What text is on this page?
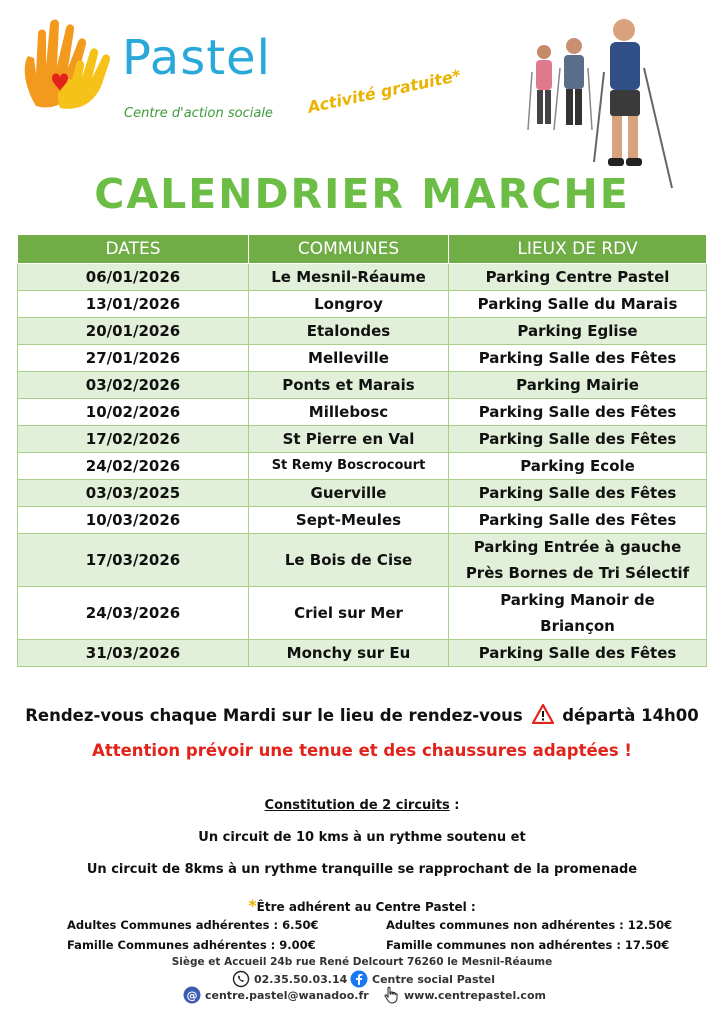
Pastel
Centre d'action sociale Activité gratuite*
CALENDRIER MARCHE
DATES	COMMUNES	LIEUX DE RDV
06/01/2026	Le Mesnil-Réaume	Parking Centre Pastel
13/01/2026	Longroy	Parking Salle du Marais
20/01/2026	Etalondes	Parking Eglise
27/01/2026	Melleville	Parking Salle des Fêtes
03/02/2026	Ponts et Marais	Parking Mairie
10/02/2026	Millebosc	Parking Salle des Fêtes
17/02/2026	St Pierre en Val	Parking Salle des Fêtes
24/02/2026	St Remy Boscrocourt	Parking Ecole
03/03/2025	Guerville	Parking Salle des Fêtes
10/03/2026	Sept-Meules	Parking Salle des Fêtes
17/03/2026	Le Bois de Cise	Parking Entrée à gauche
Près Bornes de Tri Sélectif
24/03/2026	Criel sur Mer	Parking Manoir de
Briançon
31/03/2026	Monchy sur Eu	Parking Salle des Fêtes
Rendez-vous chaque Mardi sur le lieu de rendez-vous départà 14h00
Attention prévoir une tenue et des chaussures adaptées !
Constitution de 2 circuits :
Un circuit de 10 kms à un rythme soutenu et
Un circuit de 8kms à un rythme tranquille se rapprochant de la promenade
*Être adhérent au Centre Pastel :
Adultes Communes adhérentes : 6.50€	Adultes communes non adhérentes : 12.50€
Famille Communes adhérentes : 9.00€	Famille communes non adhérentes : 17.50€
Siège et Accueil 24b rue René Delcourt 76260 le Mesnil-Réaume
02.35.50.03.14 Centre social Pastel
@ centre.pastel@wanadoo.fr	www.centrepastel.com
